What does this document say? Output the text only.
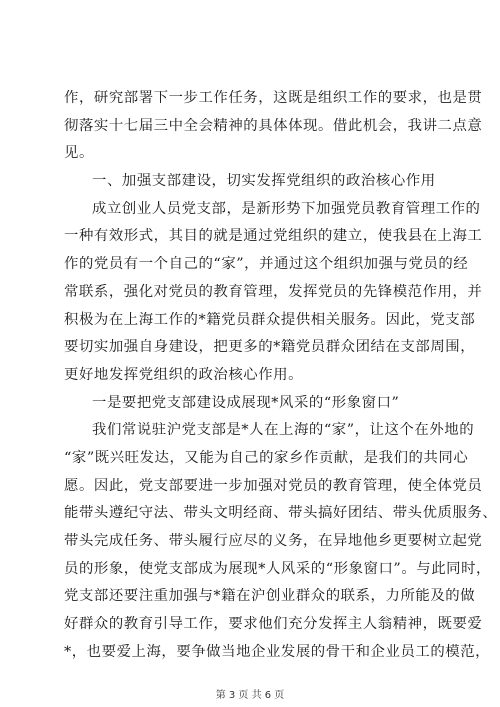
作，研究部署下一步工作任务，这既是组织工作的要求，也是贯
彻落实十七届三中全会精神的具体体现。借此机会，我讲二点意
见。
一、加强支部建设，切实发挥党组织的政治核心作用
成立创业人员党支部，是新形势下加强党员教育管理工作的
一种有效形式，其目的就是通过党组织的建立，使我县在上海工
作的党员有一个自己的“家”，并通过这个组织加强与党员的经
常联系，强化对党员的教育管理，发挥党员的先锋模范作用，并
积极为在上海工作的*籍党员群众提供相关服务。因此，党支部
要切实加强自身建设，把更多的*籍党员群众团结在支部周围，
更好地发挥党组织的政治核心作用。
一是要把党支部建设成展现*风采的“形象窗口”
我们常说驻沪党支部是*人在上海的“家”，让这个在外地的
“家”既兴旺发达，又能为自己的家乡作贡献，是我们的共同心
愿。因此，党支部要进一步加强对党员的教育管理，使全体党员
能带头遵纪守法、带头文明经商、带头搞好团结、带头优质服务、
带头完成任务、带头履行应尽的义务，在异地他乡更要树立起党
员的形象，使党支部成为展现*人风采的“形象窗口”。与此同时，
党支部还要注重加强与*籍在沪创业群众的联系，力所能及的做
好群众的教育引导工作，要求他们充分发挥主人翁精神，既要爱
*，也要爱上海，要争做当地企业发展的骨干和企业员工的模范，
第 3 页 共 6 页
